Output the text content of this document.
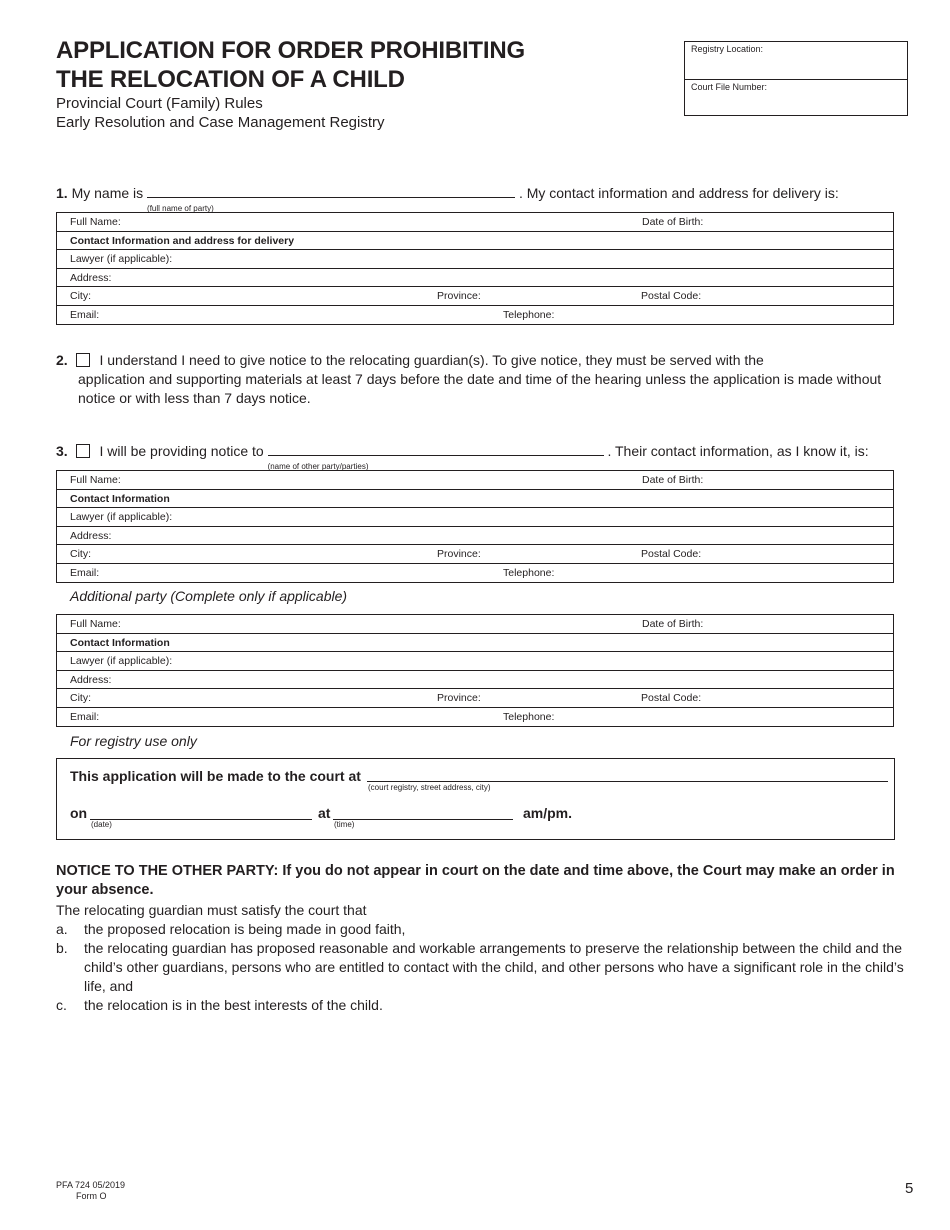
APPLICATION FOR ORDER PROHIBITING
THE RELOCATION OF A CHILD
Provincial Court (Family) Rules
Early Resolution and Case Management Registry
Registry Location:
Court File Number:
1. My name is
(full name of party)
. My contact information and address for delivery is:
Full Name:	Date of Birth:

Contact Information and address for delivery

Lawyer (if applicable):

Address:

City:	Province:	Postal Code:

Email:	Telephone:
2. I understand I need to give notice to the relocating guardian(s). To give notice, they must be served with the
application and supporting materials at least 7 days before the date and time of the hearing unless the application is made without
notice or with less than 7 days notice.
3. I will be providing notice to
(name of other party/parties)
. Their contact information, as I know it, is:
Full Name:	Date of Birth:

Contact Information

Lawyer (if applicable):

Address:

City:	Province:	Postal Code:

Email:	Telephone:
Additional party (Complete only if applicable)
Full Name:	Date of Birth:

Contact Information

Lawyer (if applicable):

Address:

City:	Province:	Postal Code:

Email:	Telephone:
For registry use only
This application will be made to the court at
(court registry, street address, city)
on
(date)
at
(time)
am/pm.
NOTICE TO THE OTHER PARTY: If you do not appear in court on the date and time above, the Court may make an order in your absence.
The relocating guardian must satisfy the court that
a. the proposed relocation is being made in good faith,
b. the relocating guardian has proposed reasonable and workable arrangements to preserve the relationship between the child and the child’s other guardians, persons who are entitled to contact with the child, and other persons who have a significant role in the child’s life, and
c. the relocation is in the best interests of the child.
PFA 724 05/2019
Form O	5
